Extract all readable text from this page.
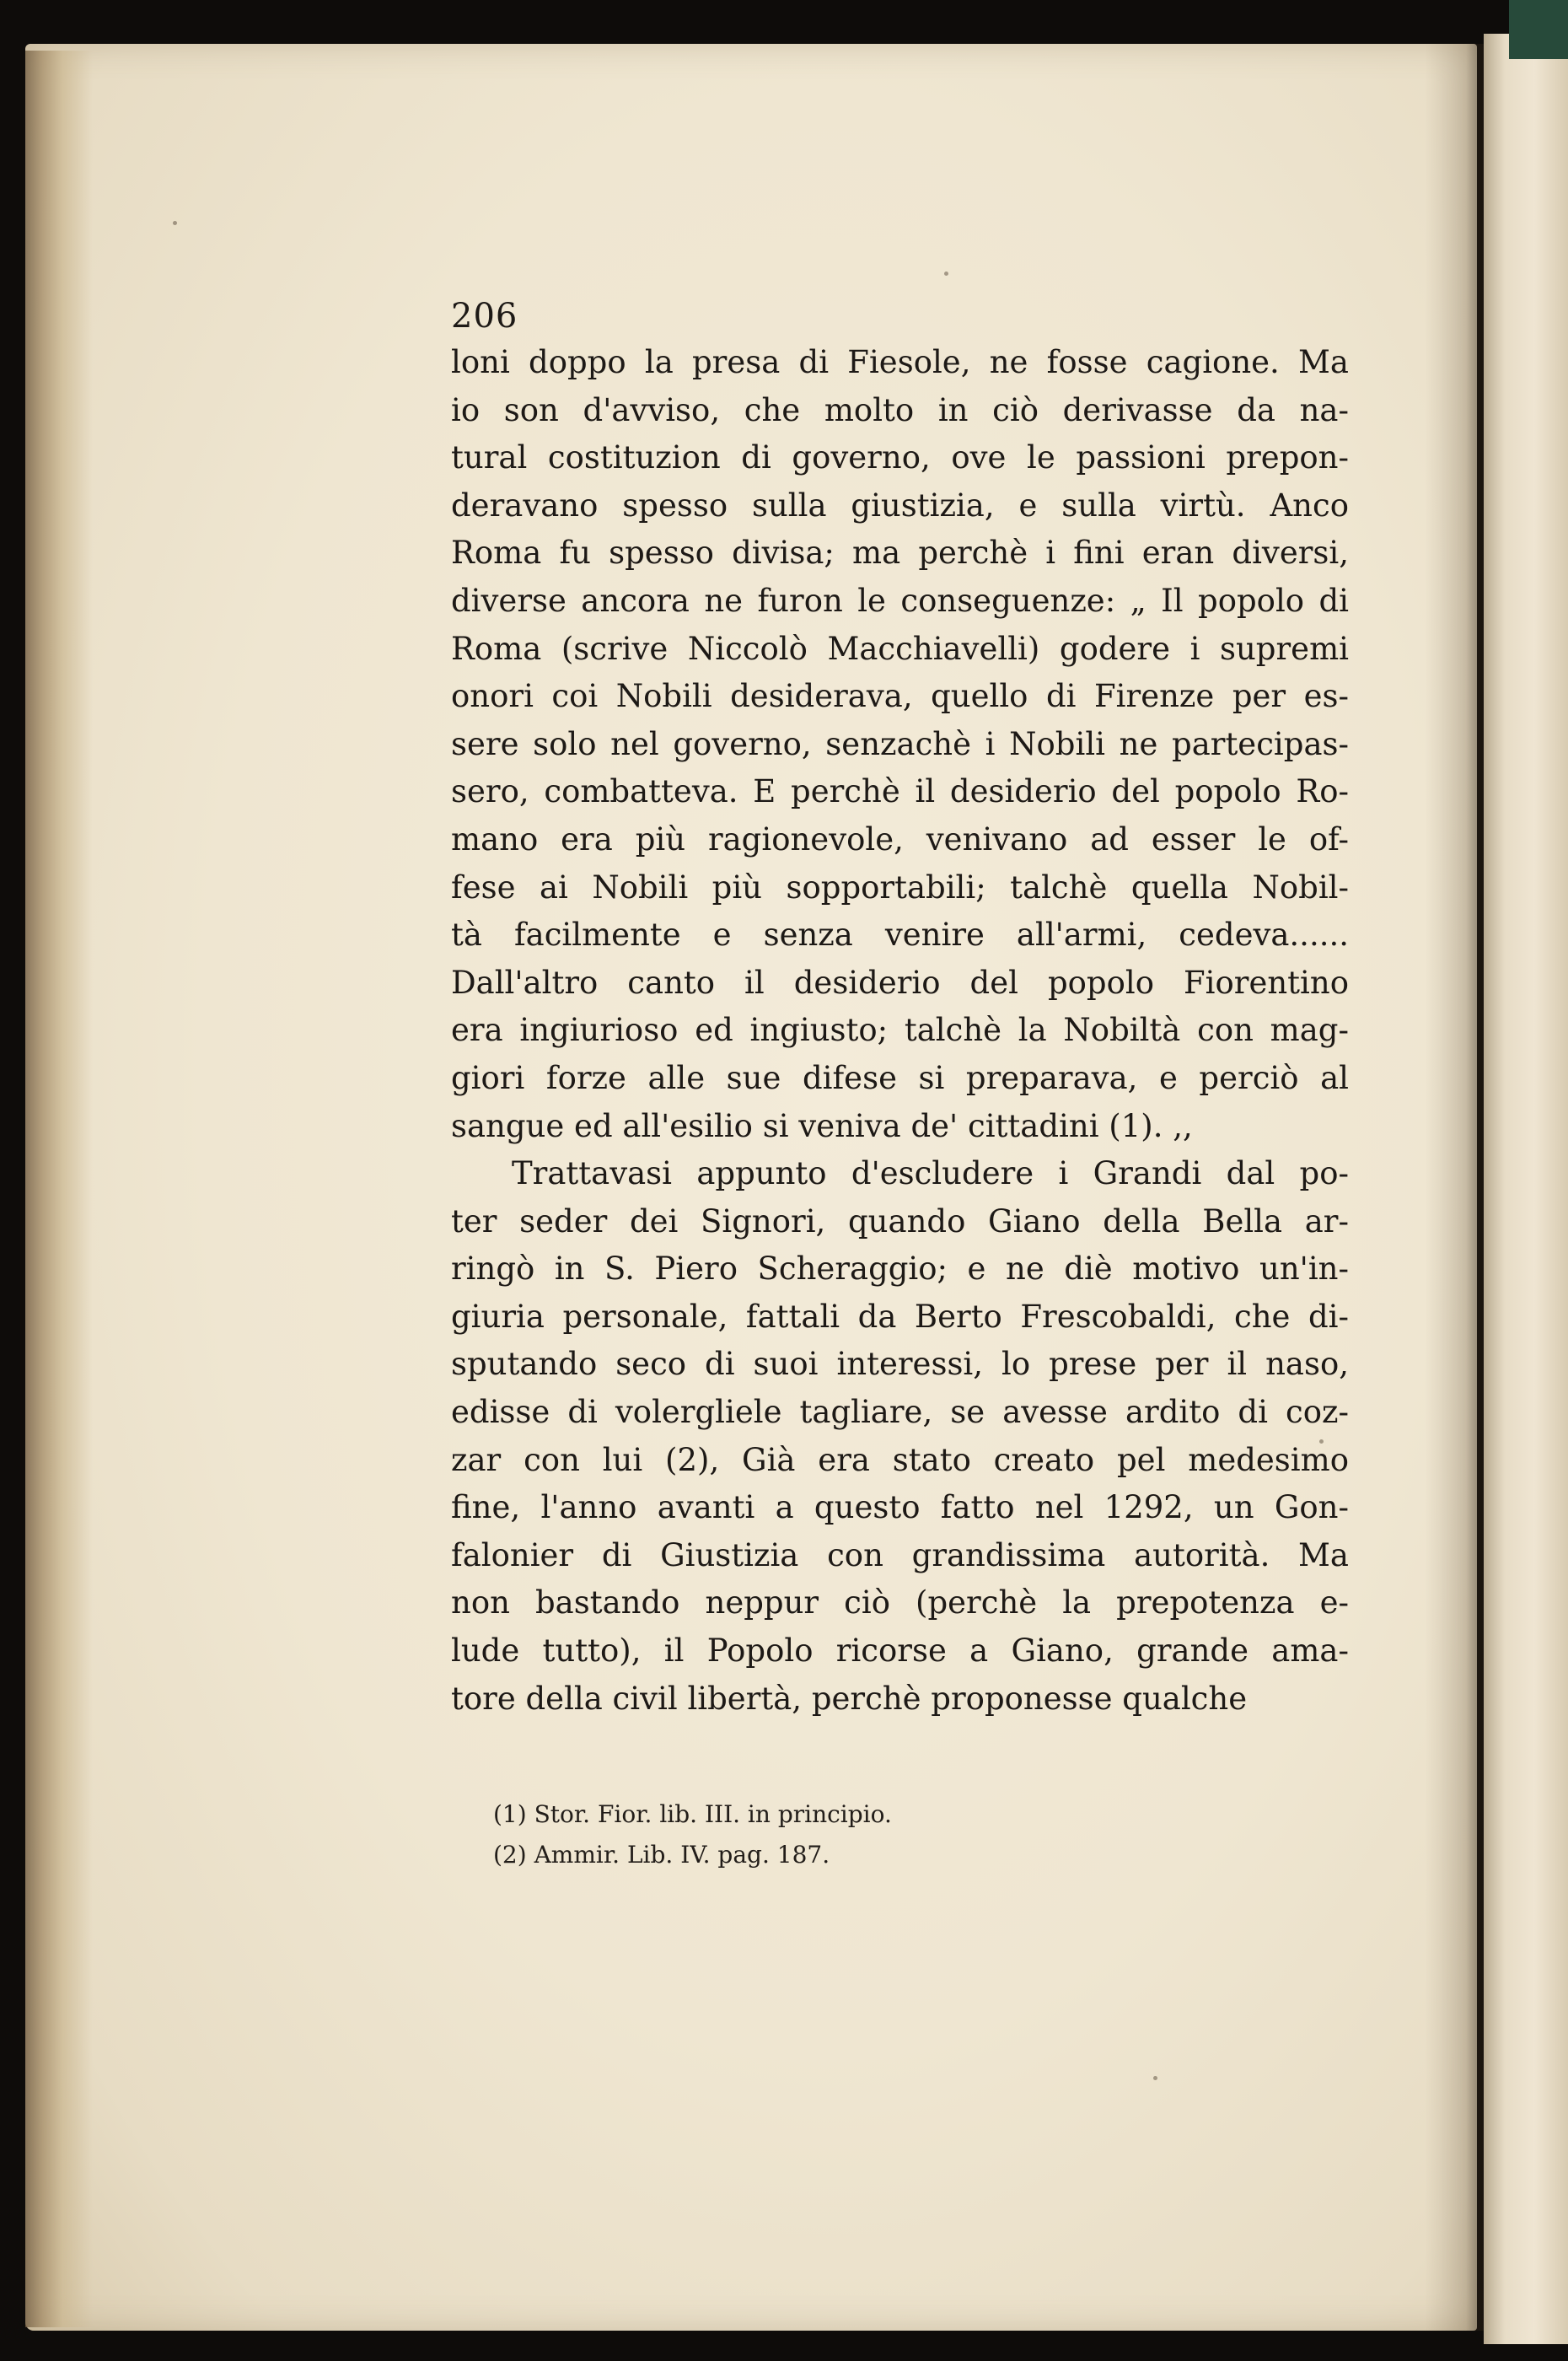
206
loni doppo la presa di Fiesole, ne fosse cagione. Ma
io son d'avviso, che molto in ciò derivasse da na-
tural costituzion di governo, ove le passioni prepon-
deravano spesso sulla giustizia, e sulla virtù. Anco
Roma fu spesso divisa; ma perchè i fini eran diversi,
diverse ancora ne furon le conseguenze: „ Il popolo di
Roma (scrive Niccolò Macchiavelli) godere i supremi
onori coi Nobili desiderava, quello di Firenze per es-
sere solo nel governo, senzachè i Nobili ne partecipas-
sero, combatteva. E perchè il desiderio del popolo Ro-
mano era più ragionevole, venivano ad esser le of-
fese ai Nobili più sopportabili; talchè quella Nobil-
tà facilmente e senza venire all'armi, cedeva......
Dall'altro canto il desiderio del popolo Fiorentino
era ingiurioso ed ingiusto; talchè la Nobiltà con mag-
giori forze alle sue difese si preparava, e perciò al
sangue ed all'esilio si veniva de' cittadini (1). ,,
Trattavasi appunto d'escludere i Grandi dal po-
ter seder dei Signori, quando Giano della Bella ar-
ringò in S. Piero Scheraggio; e ne diè motivo un'in-
giuria personale, fattali da Berto Frescobaldi, che di-
sputando seco di suoi interessi, lo prese per il naso,
edisse di volergliele tagliare, se avesse ardito di coz-
zar con lui (2), Già era stato creato pel medesimo
fine, l'anno avanti a questo fatto nel 1292, un Gon-
falonier di Giustizia con grandissima autorità. Ma
non bastando neppur ciò (perchè la prepotenza e-
lude tutto), il Popolo ricorse a Giano, grande ama-
tore della civil libertà, perchè proponesse qualche
(1) Stor. Fior. lib. III. in principio.
(2) Ammir. Lib. IV. pag. 187.
